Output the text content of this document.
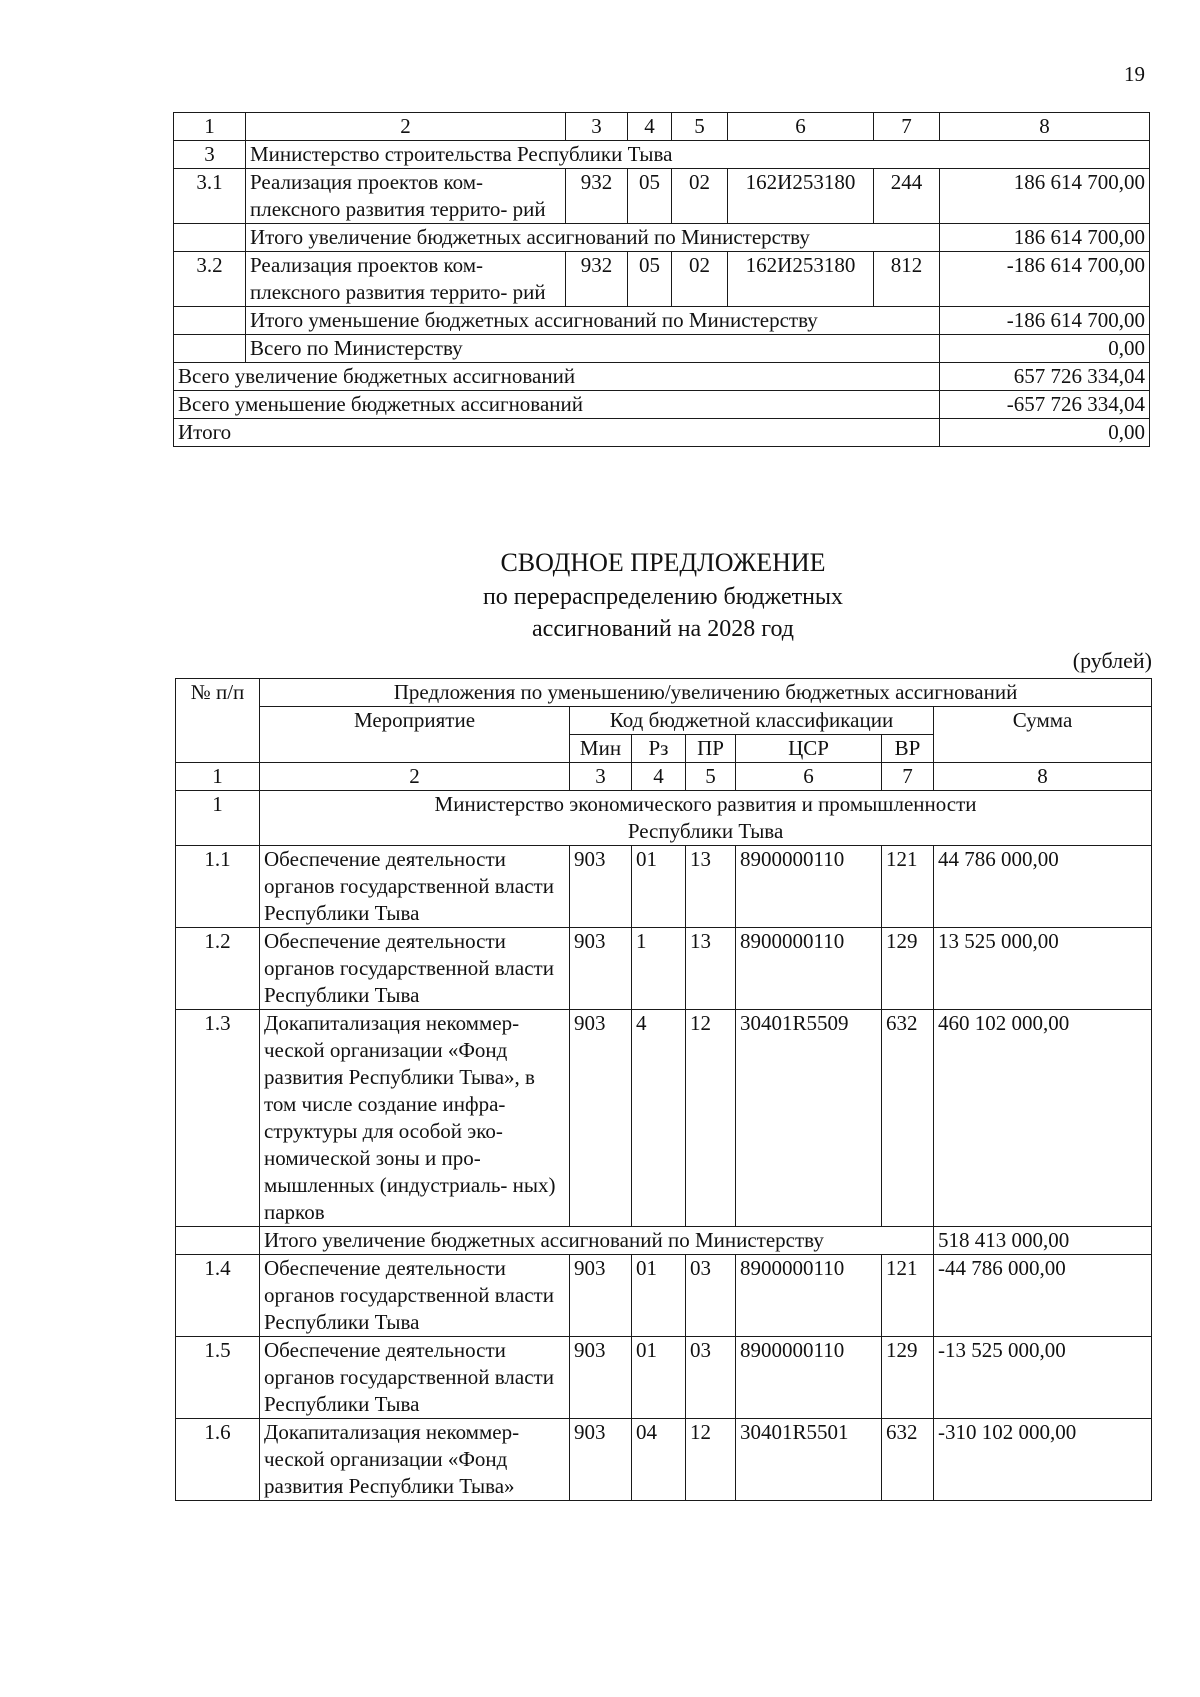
19
1	2	3	4	5	6	7	8
3	Министерство строительства Республики Тыва						
3.1	Реализация проектов ком- плексного развития террито- рий	932	05	02	162И253180	244	186 614 700,00
	Итого увеличение бюджетных ассигнований по Министерству						186 614 700,00
3.2	Реализация проектов ком- плексного развития террито- рий	932	05	02	162И253180	812	-186 614 700,00
	Итого уменьшение бюджетных ассигнований по Министерству						-186 614 700,00
	Всего по Министерству						0,00
Всего увеличение бюджетных ассигнований							657 726 334,04
Всего уменьшение бюджетных ассигнований							-657 726 334,04
Итого							0,00
СВОДНОЕ ПРЕДЛОЖЕНИЕ
по перераспределению бюджетных
ассигнований на 2028 год
(рублей)
№ п/п	Предложения по уменьшению/увеличению бюджетных ассигнований						
	Мероприятие	Код бюджетной классификации					Сумма
		Мин	Рз	ПР	ЦСР	ВР	
1	2	3	4	5	6	7	8
1	Министерство экономического развития и промышленности Республики Тыва						
1.1	Обеспечение деятельности органов государственной власти Республики Тыва	903	01	13	8900000110	121	44 786 000,00
1.2	Обеспечение деятельности органов государственной власти Республики Тыва	903	1	13	8900000110	129	13 525 000,00
1.3	Докапитализация некоммер- ческой организации «Фонд развития Республики Тыва», в том числе создание инфра- структуры для особой эко- номической зоны и про- мышленных (индустриаль- ных) парков	903	4	12	30401R5509	632	460 102 000,00
	Итого увеличение бюджетных ассигнований по Министерству						518 413 000,00
1.4	Обеспечение деятельности органов государственной власти Республики Тыва	903	01	03	8900000110	121	-44 786 000,00
1.5	Обеспечение деятельности органов государственной власти Республики Тыва	903	01	03	8900000110	129	-13 525 000,00
1.6	Докапитализация некоммер- ческой организации «Фонд развития Республики Тыва»	903	04	12	30401R5501	632	-310 102 000,00
